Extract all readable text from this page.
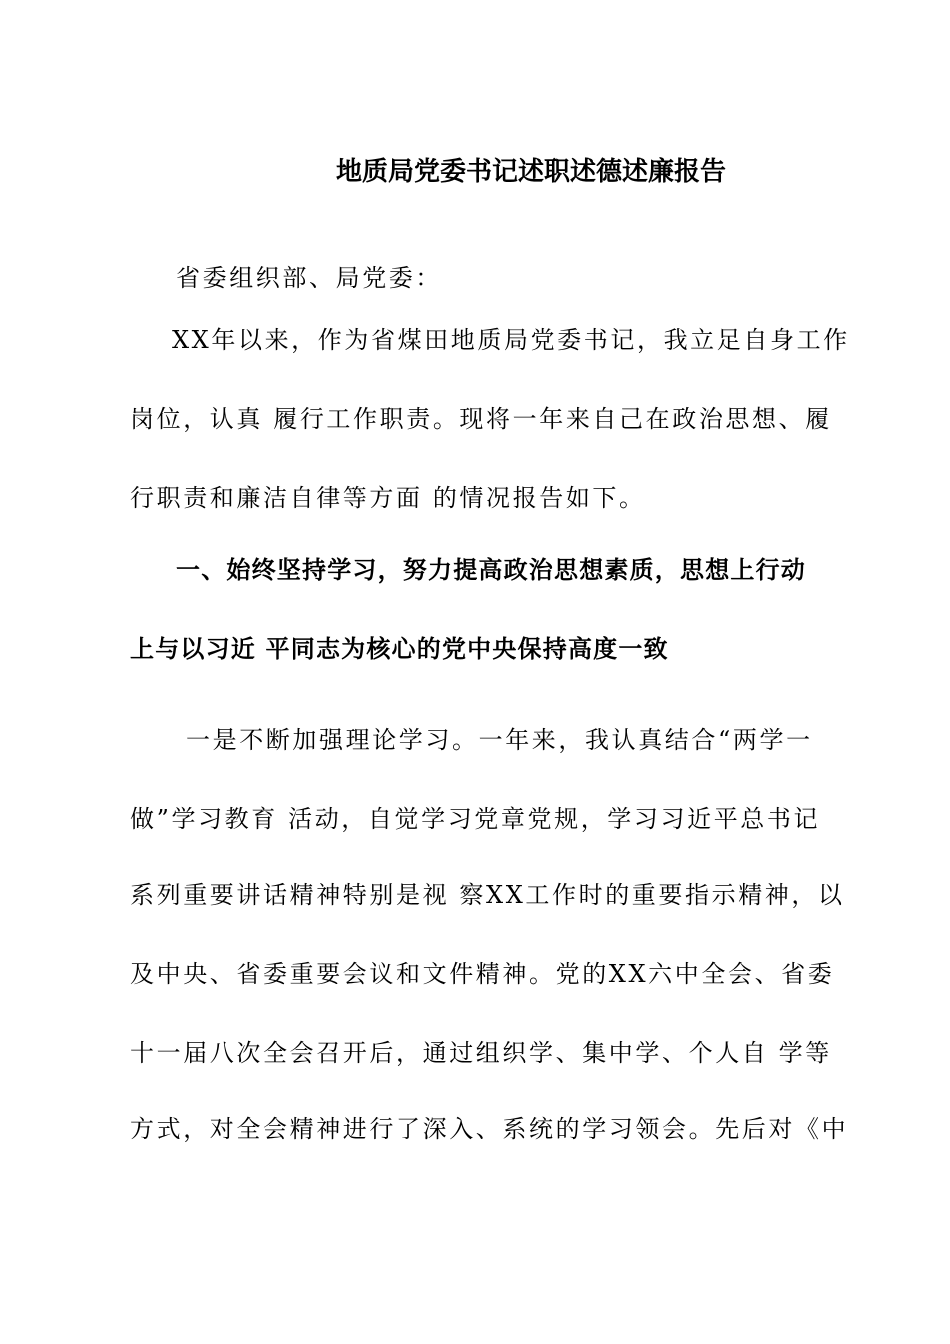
地质局党委书记述职述德述廉报告
省委组织部、局党委：
XX年以来，作为省煤田地质局党委书记，我立足自身工作
岗位，认真 履行工作职责。现将一年来自己在政治思想、履
行职责和廉洁自律等方面 的情况报告如下。
一、始终坚持学习，努力提高政治思想素质，思想上行动
上与以习近 平同志为核心的党中央保持高度一致
一是不断加强理论学习。一年来，我认真结合“两学一
做”学习教育 活动，自觉学习党章党规，学习习近平总书记
系列重要讲话精神特别是视 察XX工作时的重要指示精神，以
及中央、省委重要会议和文件精神。党的XX六中全会、省委
十一届八次全会召开后，通过组织学、集中学、个人自 学等
方式，对全会精神进行了深入、系统的学习领会。先后对《中
